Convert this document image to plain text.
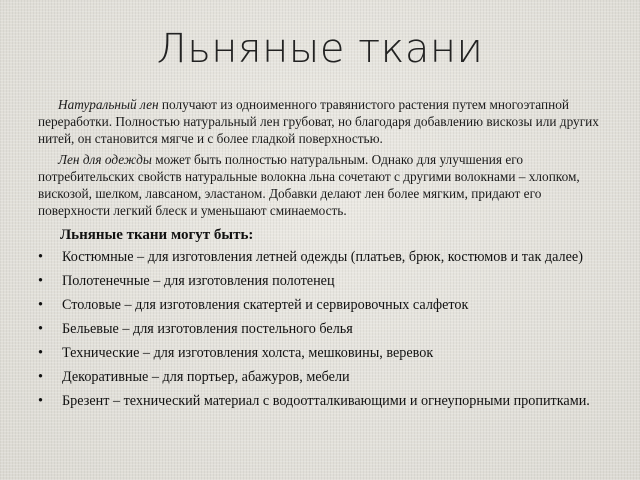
Льняные ткани

Натуральный лен получают из одноименного травянистого растения путем многоэтапной переработки. Полностью натуральный лен грубоват, но благодаря добавлению вискозы или других нитей, он становится мягче и с более гладкой поверхностью.

Лен для одежды может быть полностью натуральным. Однако для улучшения его потребительских свойств натуральные волокна льна сочетают с другими волокнами – хлопком, вискозой, шелком, лавсаном, эластаном. Добавки делают лен более мягким, придают его поверхности легкий блеск и уменьшают сминаемость.

Льняные ткани могут быть:
• Костюмные – для изготовления летней одежды (платьев, брюк, костюмов и так далее)
• Полотенечные – для изготовления полотенец
• Столовые – для изготовления скатертей и сервировочных салфеток
• Бельевые – для изготовления постельного белья
• Технические – для изготовления холста, мешковины, веревок
• Декоративные – для портьер, абажуров, мебели
• Брезент – технический материал с водоотталкивающими и огнеупорными пропитками.
